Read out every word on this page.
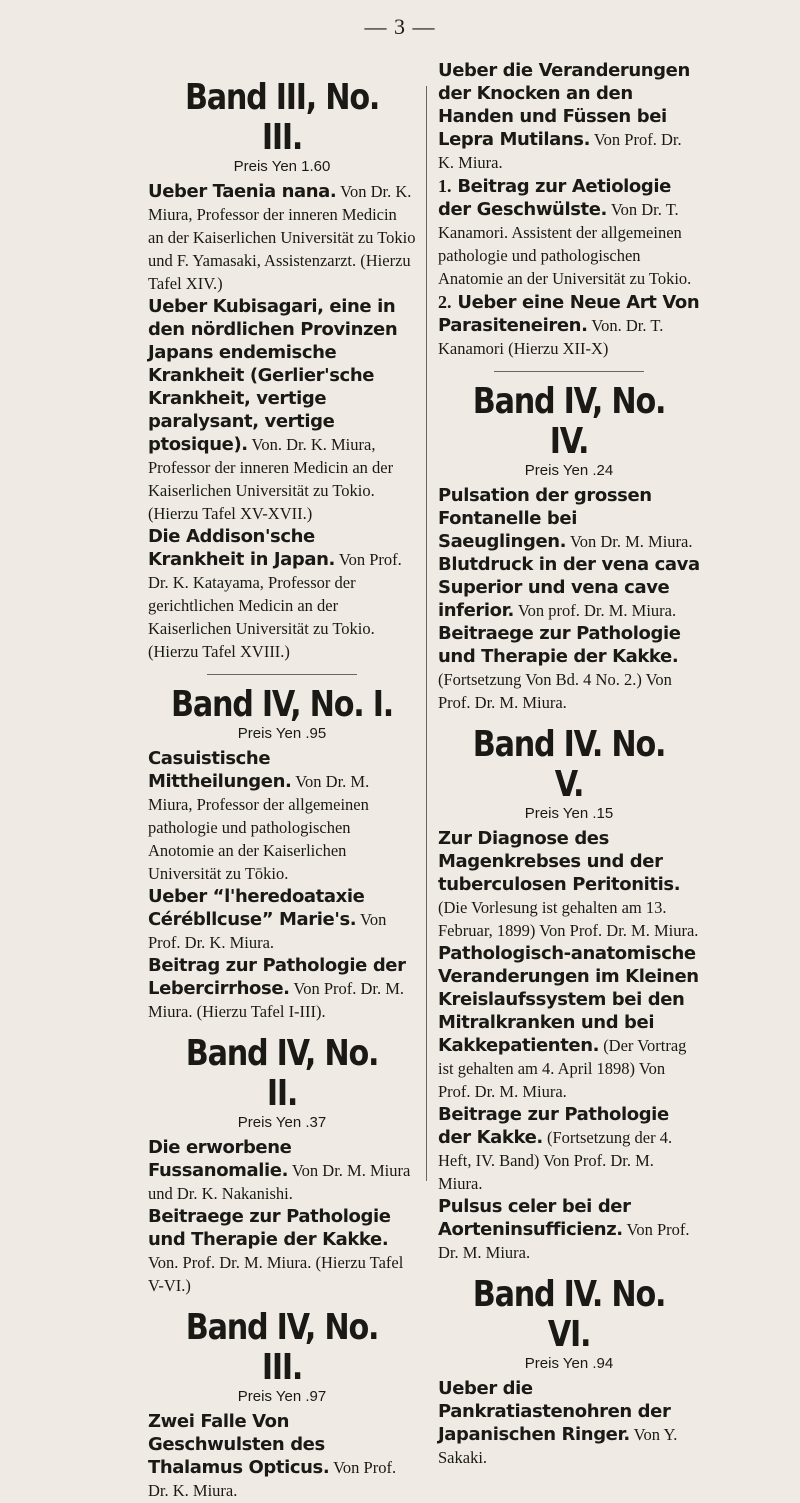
— 3 —
Band III, No. III.
Preis Yen 1.60

Ueber Taenia nana. Von Dr. K. Miura, Professor der inneren Medicin an der Kaiserlichen Universität zu Tokio und F. Yamasaki, Assistenzarzt. (Hierzu Tafel XIV.)

Ueber Kubisagari, eine in den nördlichen Provinzen Japans endemische Krankheit (Gerlier'sche Krankheit, vertige paralysant, vertige ptosique). Von. Dr. K. Miura, Professor der inneren Medicin an der Kaiserlichen Universität zu Tokio. (Hierzu Tafel XV-XVII.)

Die Addison'sche Krankheit in Japan. Von Prof. Dr. K. Katayama, Professor der gerichtlichen Medicin an der Kaiserlichen Universität zu Tokio. (Hierzu Tafel XVIII.)

Band IV, No. I.
Preis Yen .95

Casuistische Mittheilungen. Von Dr. M. Miura, Professor der allgemeinen pathologie und pathologischen Anotomie an der Kaiserlichen Universität zu Tōkio.

Ueber “l'heredoataxie Cérébllcuse” Marie's. Von Prof. Dr. K. Miura.

Beitrag zur Pathologie der Lebercirrhose. Von Prof. Dr. M. Miura. (Hierzu Tafel I-III).

Band IV, No. II.
Preis Yen .37

Die erworbene Fussanomalie. Von Dr. M. Miura und Dr. K. Nakanishi.

Beitraege zur Pathologie und Therapie der Kakke. Von. Prof. Dr. M. Miura. (Hierzu Tafel V-VI.)

Band IV, No. III.
Preis Yen .97

Zwei Falle Von Geschwulsten des Thalamus Opticus. Von Prof. Dr. K. Miura.

Ueber die Veranderungen der Knocken an den Handen und Füssen bei Lepra Mutilans. Von Prof. Dr. K. Miura.

1. Beitrag zur Aetiologie der Geschwülste. Von Dr. T. Kanamori. Assistent der allgemeinen pathologie und pathologischen Anatomie an der Universität zu Tokio.

2. Ueber eine Neue Art Von Parasiteneiren. Von. Dr. T. Kanamori (Hierzu XII-X)

Band IV, No. IV.
Preis Yen .24

Pulsation der grossen Fontanelle bei Saeuglingen. Von Dr. M. Miura.

Blutdruck in der vena cava Superior und vena cave inferior. Von prof. Dr. M. Miura.

Beitraege zur Pathologie und Therapie der Kakke. (Fortsetzung Von Bd. 4 No. 2.) Von Prof. Dr. M. Miura.

Band IV. No. V.
Preis Yen .15

Zur Diagnose des Magenkrebses und der tuberculosen Peritonitis. (Die Vorlesung ist gehalten am 13. Februar, 1899) Von Prof. Dr. M. Miura.

Pathologisch-anatomische Veranderungen im Kleinen Kreislaufssystem bei den Mitralkranken und bei Kakkepatienten. (Der Vortrag ist gehalten am 4. April 1898) Von Prof. Dr. M. Miura.

Beitrage zur Pathologie der Kakke. (Fortsetzung der 4. Heft, IV. Band) Von Prof. Dr. M. Miura.

Pulsus celer bei der Aorteninsufficienz. Von Prof. Dr. M. Miura.

Band IV. No. VI.
Preis Yen .94

Ueber die Pankratiastenohren der Japanischen Ringer. Von Y. Sakaki.
